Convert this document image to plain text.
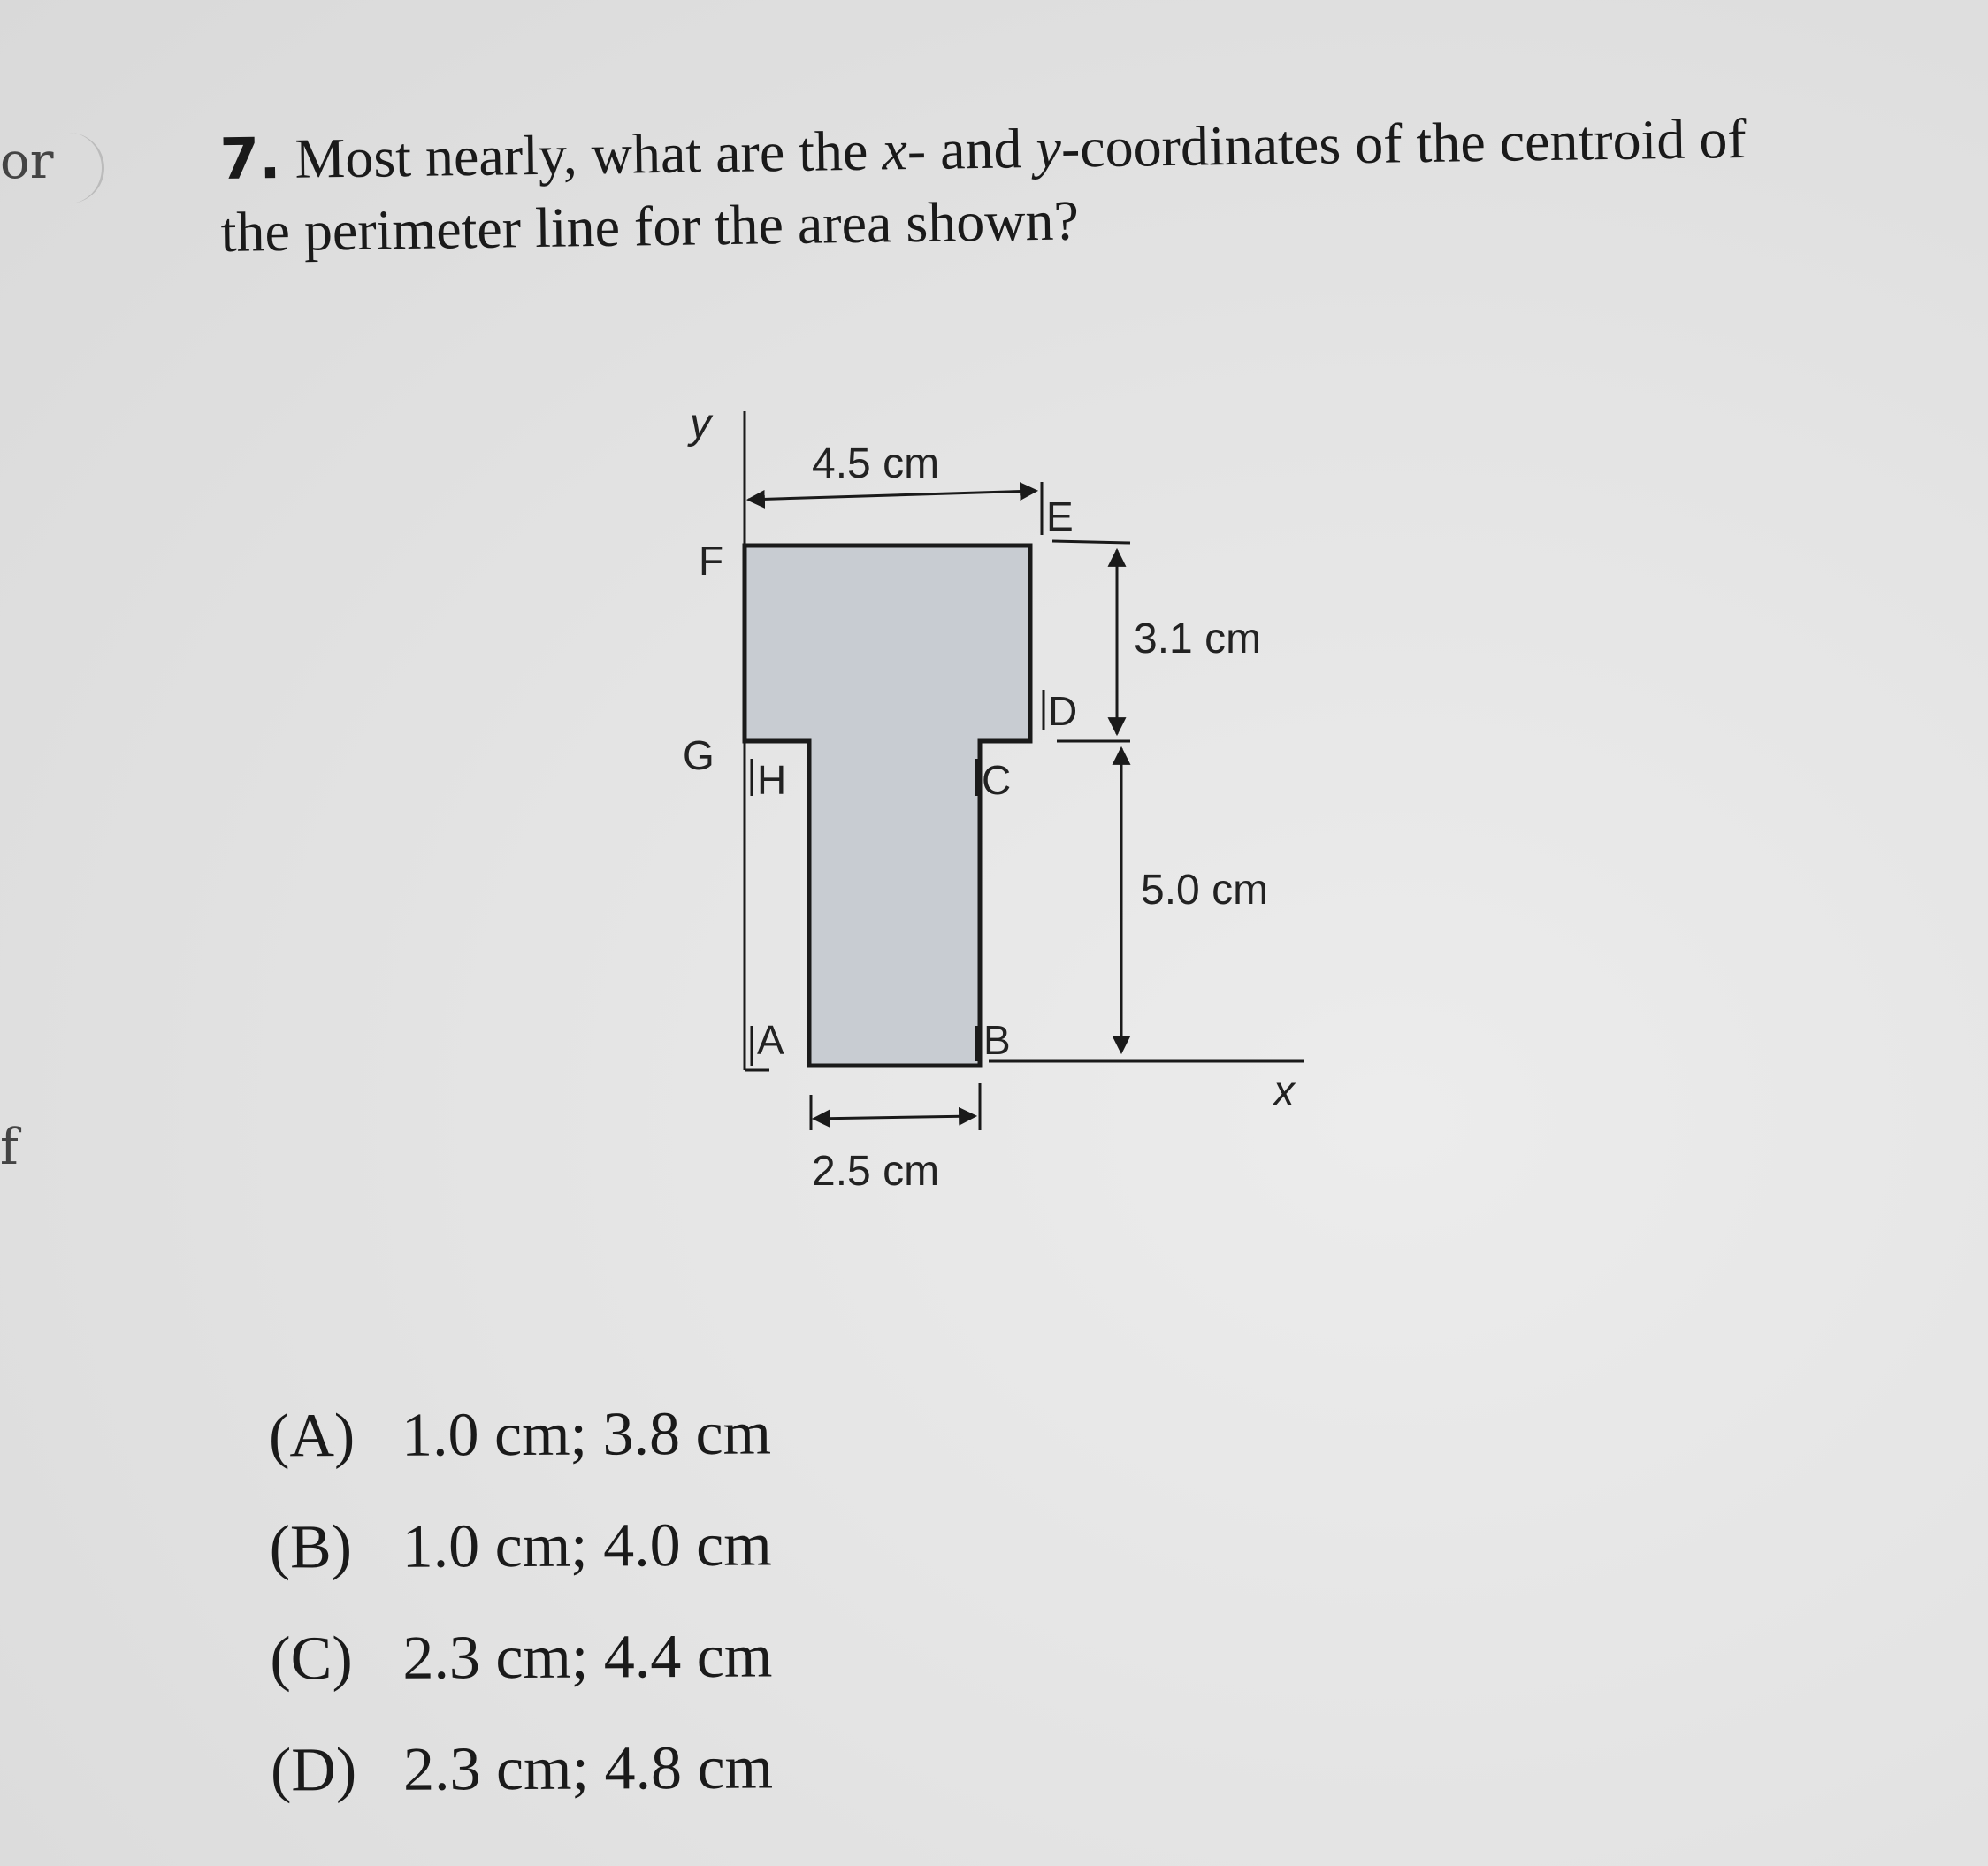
or
f
7. Most nearly, what are the x- and y-coordinates of the centroid of the perimeter line for the area shown?
y
x
4.5 cm
2.5 cm
3.1 cm
5.0 cm
F
G
H
A	B
C
D
E
(A) 1.0 cm; 3.8 cm
(B) 1.0 cm; 4.0 cm
(C) 2.3 cm; 4.4 cm
(D) 2.3 cm; 4.8 cm
